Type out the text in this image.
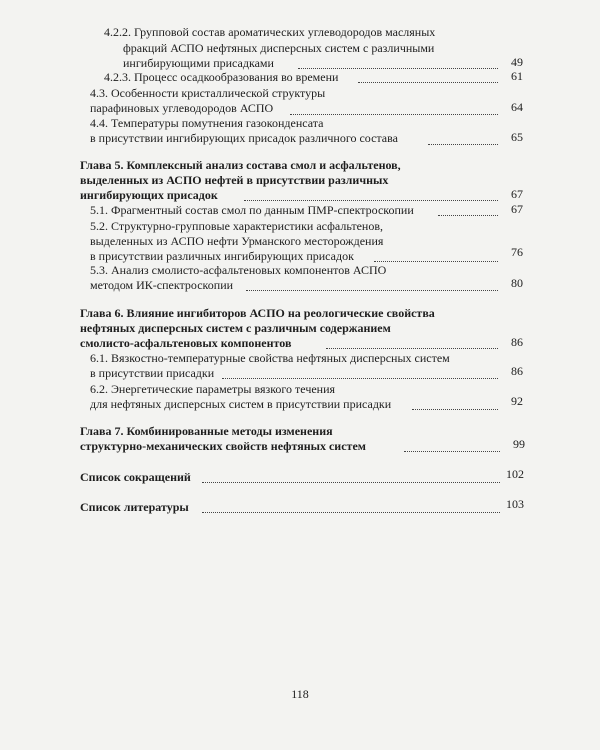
4.2.2. Групповой состав ароматических углеводородов масляных
фракций АСПО нефтяных дисперсных систем с различными
ингибирующими присадками	49
4.2.3. Процесс осадкообразования во времени	61
4.3. Особенности кристаллической структуры
парафиновых углеводородов АСПО	64
4.4. Температуры помутнения газоконденсата
в присутствии ингибирующих присадок различного состава	65
Глава 5. Комплексный анализ состава смол и асфальтенов,
выделенных из АСПО нефтей в присутствии различных
ингибирующих присадок	67
5.1. Фрагментный состав смол по данным ПМР-спектроскопии	67
5.2. Структурно-групповые характеристики асфальтенов,
выделенных из АСПО нефти Урманского месторождения
в присутствии различных ингибирующих присадок	76
5.3. Анализ смолисто-асфальтеновых компонентов АСПО
методом ИК-спектроскопии	80
Глава 6. Влияние ингибиторов АСПО на реологические свойства
нефтяных дисперсных систем с различным содержанием
смолисто-асфальтеновых компонентов	86
6.1. Вязкостно-температурные свойства нефтяных дисперсных систем
в присутствии присадки	86
6.2. Энергетические параметры вязкого течения
для нефтяных дисперсных систем в присутствии присадки	92
Глава 7. Комбинированные методы изменения
структурно-механических свойств нефтяных систем	99
Список сокращений	102
Список литературы	103
118
